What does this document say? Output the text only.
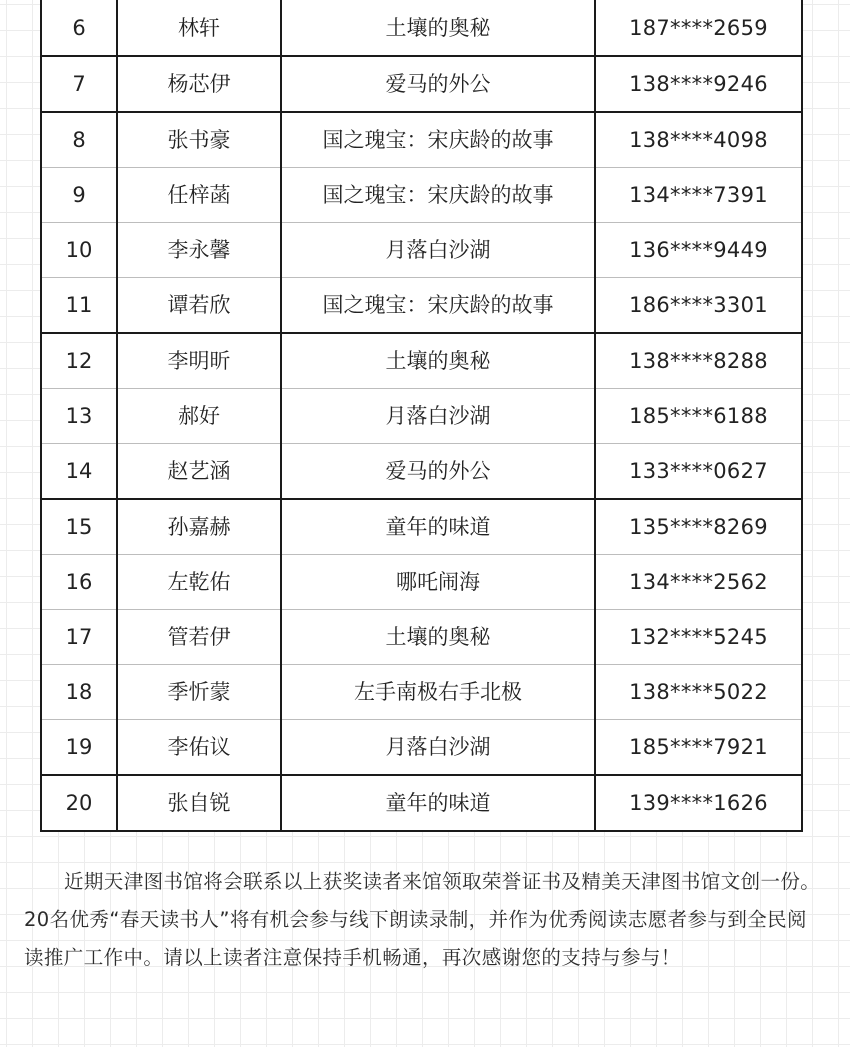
6	林轩	土壤的奥秘	187****2659
7	杨芯伊	爱马的外公	138****9246
8	张书豪	国之瑰宝：宋庆龄的故事	138****4098
9	任梓菡	国之瑰宝：宋庆龄的故事	134****7391
10	李永馨	月落白沙湖	136****9449
11	谭若欣	国之瑰宝：宋庆龄的故事	186****3301
12	李明昕	土壤的奥秘	138****8288
13	郝好	月落白沙湖	185****6188
14	赵艺涵	爱马的外公	133****0627
15	孙嘉赫	童年的味道	135****8269
16	左乾佑	哪吒闹海	134****2562
17	管若伊	土壤的奥秘	132****5245
18	季忻蒙	左手南极右手北极	138****5022
19	李佑议	月落白沙湖	185****7921
20	张自锐	童年的味道	139****1626

近期天津图书馆将会联系以上获奖读者来馆领取荣誉证书及精美天津图书馆文创一份。20名优秀“春天读书人”将有机会参与线下朗读录制，并作为优秀阅读志愿者参与到全民阅读推广工作中。请以上读者注意保持手机畅通，再次感谢您的支持与参与！
